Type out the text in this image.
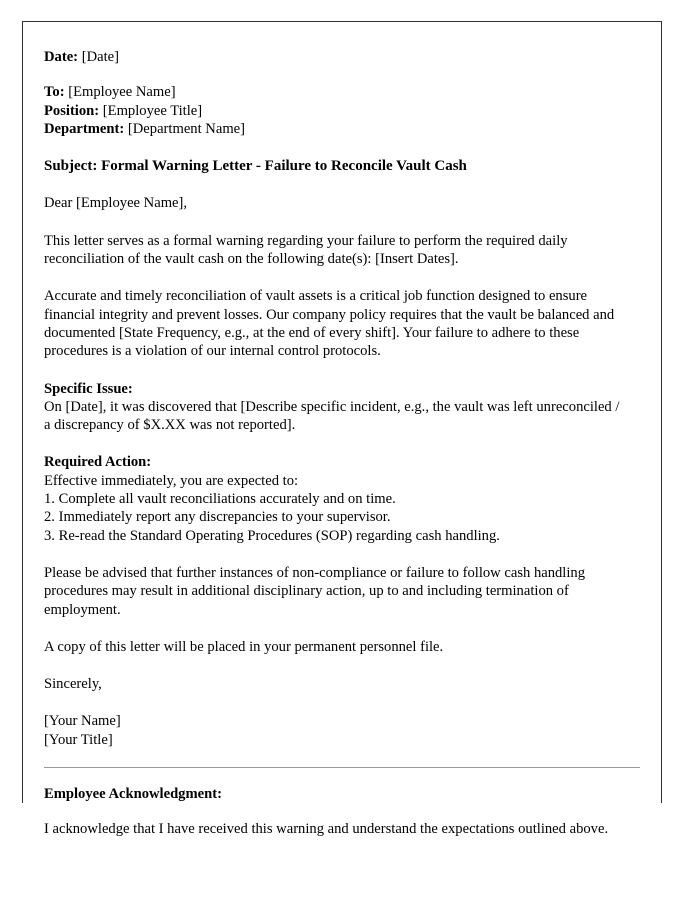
Date: [Date]

To: [Employee Name]

Position: [Employee Title]

Department: [Department Name]

Subject: Formal Warning Letter - Failure to Reconcile Vault Cash

Dear [Employee Name],

This letter serves as a formal warning regarding your failure to perform the required daily reconciliation of the vault cash on the following date(s): [Insert Dates].

Accurate and timely reconciliation of vault assets is a critical job function designed to ensure financial integrity and prevent losses. Our company policy requires that the vault be balanced and documented [State Frequency, e.g., at the end of every shift]. Your failure to adhere to these procedures is a violation of our internal control protocols.

Specific Issue:

On [Date], it was discovered that [Describe specific incident, e.g., the vault was left unreconciled / a discrepancy of $X.XX was not reported].

Required Action:

Effective immediately, you are expected to:

1. Complete all vault reconciliations accurately and on time.

2. Immediately report any discrepancies to your supervisor.

3. Re-read the Standard Operating Procedures (SOP) regarding cash handling.

Please be advised that further instances of non-compliance or failure to follow cash handling procedures may result in additional disciplinary action, up to and including termination of employment.

A copy of this letter will be placed in your permanent personnel file.

Sincerely,

[Your Name]

[Your Title]

Employee Acknowledgment:

I acknowledge that I have received this warning and understand the expectations outlined above.
